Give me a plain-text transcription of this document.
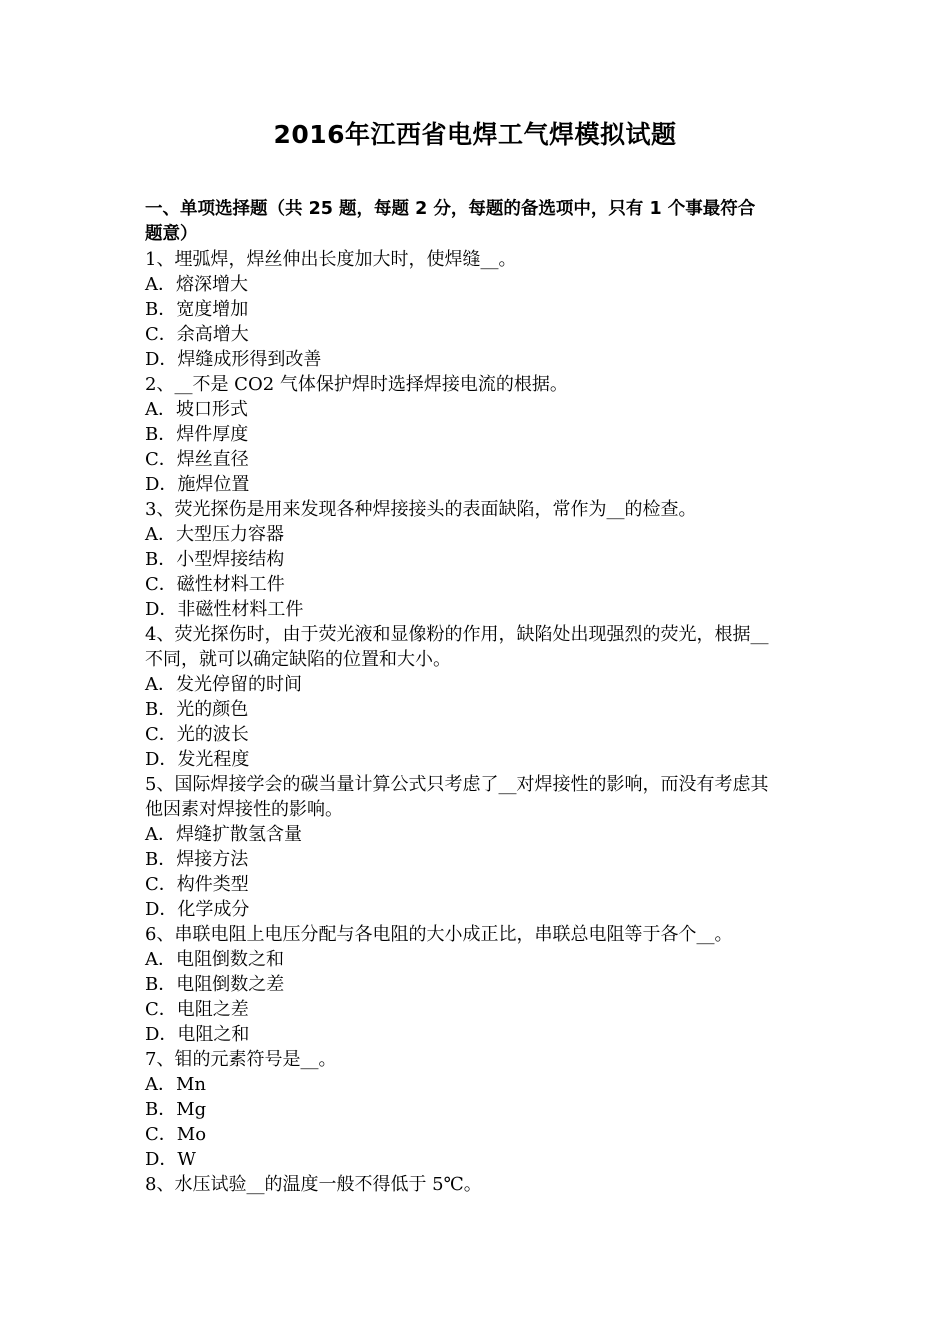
2016年江西省电焊工气焊模拟试题
一、单项选择题（共 25 题，每题 2 分，每题的备选项中，只有 1 个事最符合
题意）
1、埋弧焊，焊丝伸出长度加大时，使焊缝__。
A．熔深增大
B．宽度增加
C．余高增大
D．焊缝成形得到改善
2、__不是 CO2 气体保护焊时选择焊接电流的根据。
A．坡口形式
B．焊件厚度
C．焊丝直径
D．施焊位置
3、荧光探伤是用来发现各种焊接接头的表面缺陷，常作为__的检查。
A．大型压力容器
B．小型焊接结构
C．磁性材料工件
D．非磁性材料工件
4、荧光探伤时，由于荧光液和显像粉的作用，缺陷处出现强烈的荧光，根据__
不同，就可以确定缺陷的位置和大小。
A．发光停留的时间
B．光的颜色
C．光的波长
D．发光程度
5、国际焊接学会的碳当量计算公式只考虑了__对焊接性的影响，而没有考虑其
他因素对焊接性的影响。
A．焊缝扩散氢含量
B．焊接方法
C．构件类型
D．化学成分
6、串联电阻上电压分配与各电阻的大小成正比，串联总电阻等于各个__。
A．电阻倒数之和
B．电阻倒数之差
C．电阻之差
D．电阻之和
7、钼的元素符号是__。
A．Mn
B．Mg
C．Mo
D．W
8、水压试验__的温度一般不得低于 5℃。
